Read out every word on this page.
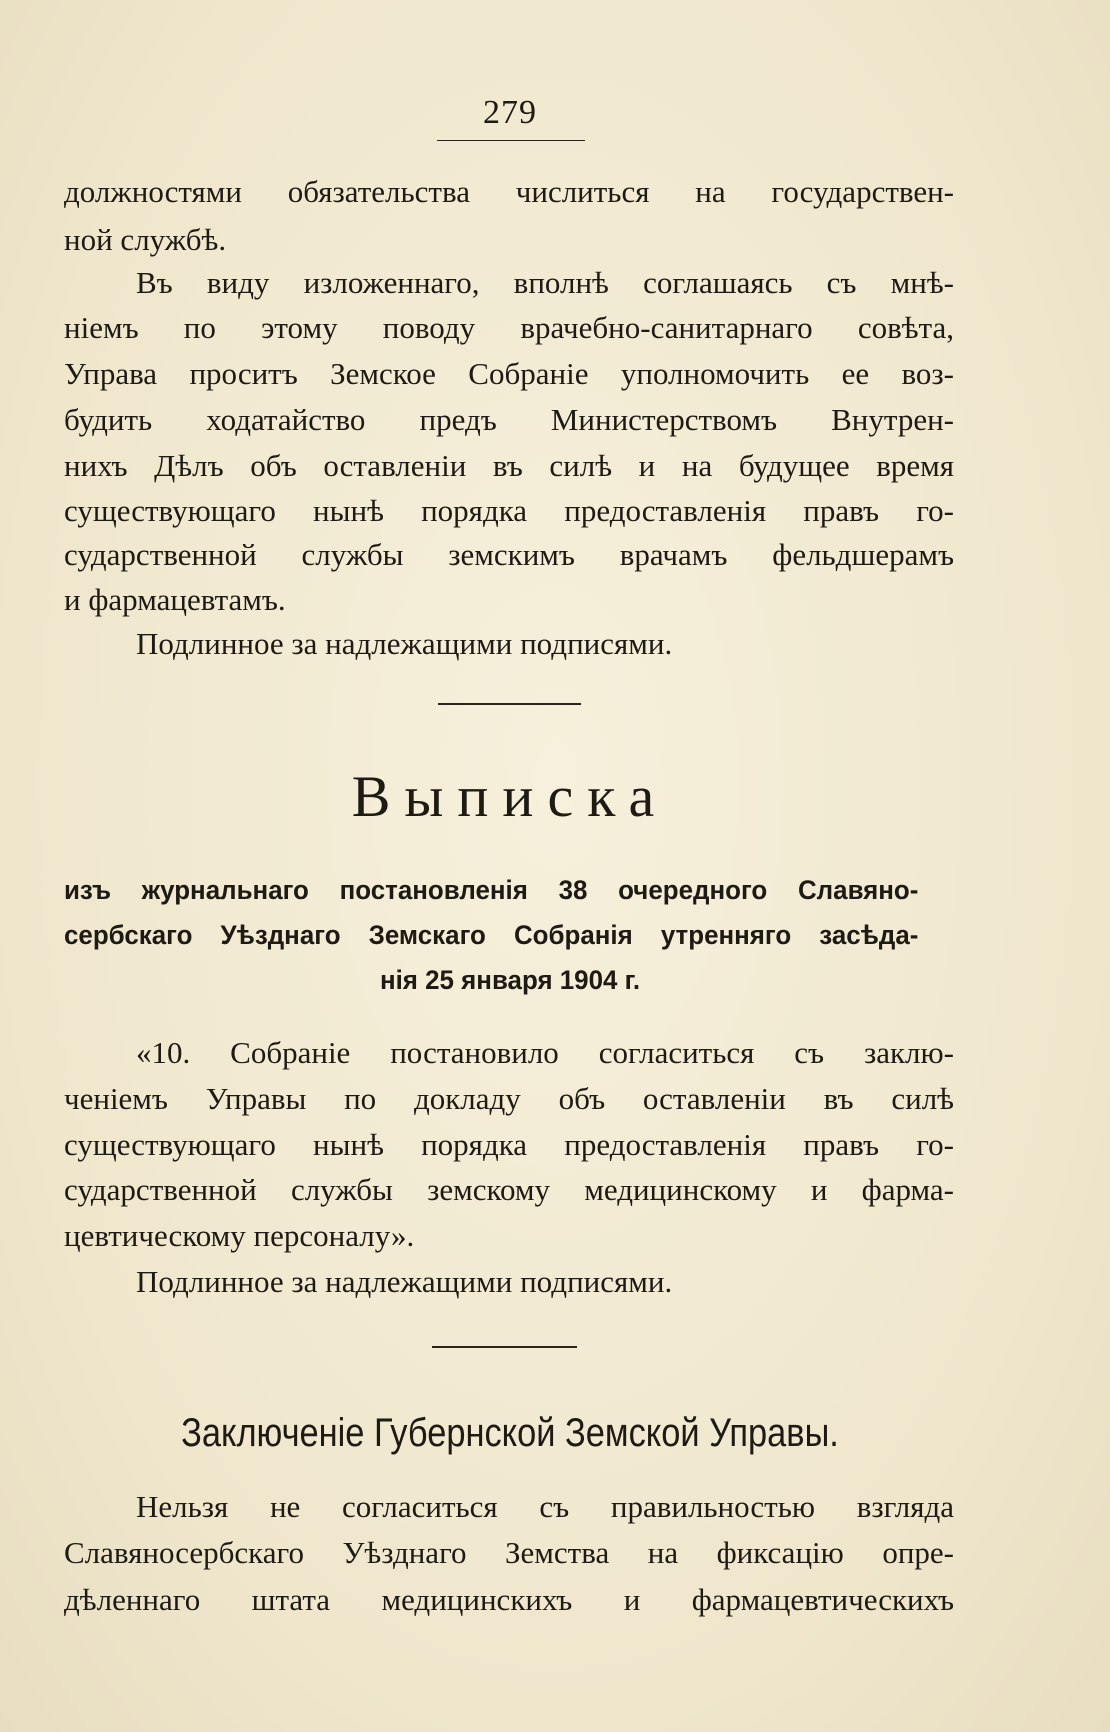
279
должностями обязательства числиться на государствен-
ной службѣ.
Въ виду изложеннаго, вполнѣ соглашаясь съ мнѣ-
ніемъ по этому поводу врачебно-санитарнаго совѣта,
Управа проситъ Земское Собраніе уполномочить ее воз-
будить ходатайство предъ Министерствомъ Внутрен-
нихъ Дѣлъ объ оставленіи въ силѣ и на будущее время
существующаго нынѣ порядка предоставленія правъ го-
сударственной службы земскимъ врачамъ фельдшерамъ
и фармацевтамъ.
Подлинное за надлежащими подписями.
Выписка
изъ журнальнаго постановленія 38 очередного Славяно-
сербскаго Уѣзднаго Земскаго Собранія утренняго засѣда-
нія 25 января 1904 г.
«10. Собраніе постановило согласиться съ заклю-
ченіемъ Управы по докладу объ оставленіи въ силѣ
существующаго нынѣ порядка предоставленія правъ го-
сударственной службы земскому медицинскому и фарма-
цевтическому персоналу».
Подлинное за надлежащими подписями.
Заключеніе Губернской Земской Управы.
Нельзя не согласиться съ правильностью взгляда
Славяносербскаго Уѣзднаго Земства на фиксацію опре-
дѣленнаго штата медицинскихъ и фармацевтическихъ
